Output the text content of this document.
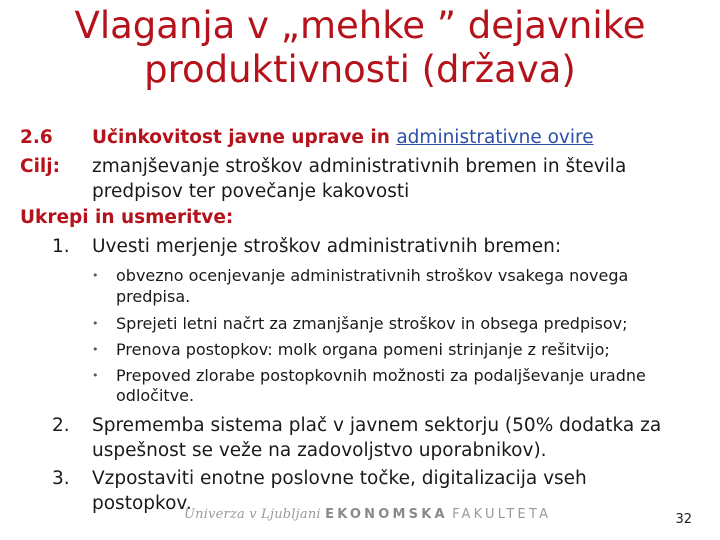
Vlaganja v „mehke ” dejavnike
produktivnosti (država)
2.6 Učinkovitost javne uprave in administrativne ovire
Cilj: zmanjševanje stroškov administrativnih bremen in števila
predpisov ter povečanje kakovosti
Ukrepi in usmeritve:
1. Uvesti merjenje stroškov administrativnih bremen:
• obvezno ocenjevanje administrativnih stroškov vsakega novega
predpisa.
• Sprejeti letni načrt za zmanjšanje stroškov in obsega predpisov;
• Prenova postopkov: molk organa pomeni strinjanje z rešitvijo;
• Prepoved zlorabe postopkovnih možnosti za podaljševanje uradne
odločitve.
2. Sprememba sistema plač v javnem sektorju (50% dodatka za
uspešnost se veže na zadovoljstvo uporabnikov).
3. Vzpostaviti enotne poslovne točke, digitalizacija vseh
postopkov.
Univerza v Ljubljani EKONOMSKA FAKULTETA	32
